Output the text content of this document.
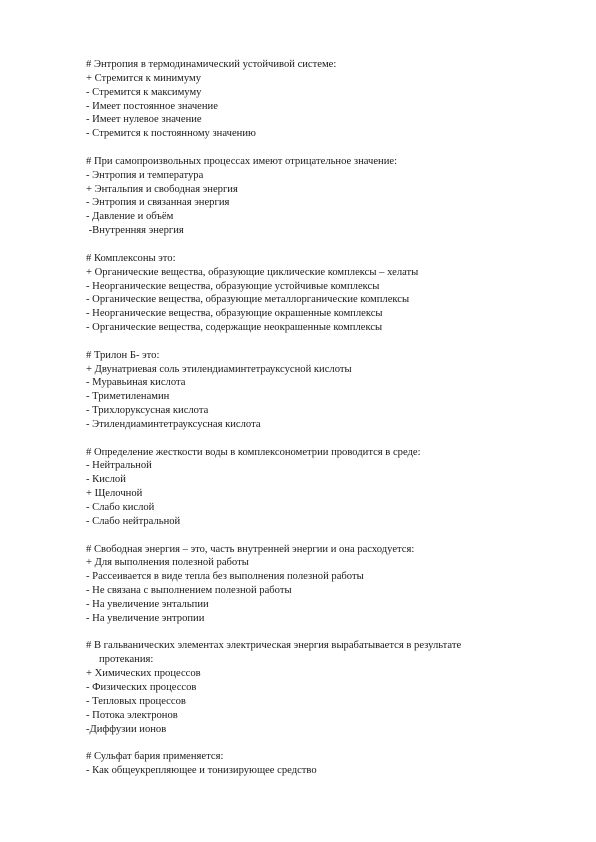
# Энтропия в термодинамический устойчивой системе:
+ Стремится к минимуму
- Стремится к максимуму
- Имеет постоянное значение
- Имеет нулевое значение
- Стремится к постоянному значению
# При самопроизвольных процессах имеют отрицательное значение:
- Энтропия и температура
+ Энтальпия и свободная энергия
- Энтропия и связанная энергия
- Давление и объём
-Внутренняя энергия
# Комплексоны это:
+ Органические вещества, образующие циклические комплексы – хелаты
- Неорганические вещества, образующие устойчивые комплексы
- Органические вещества, образующие металлорганические комплексы
- Неорганические вещества, образующие окрашенные комплексы
- Органические вещества, содержащие неокрашенные комплексы
# Трилон Б- это:
+ Двунатриевая соль этилендиаминтетрауксусной кислоты
- Муравьиная кислота
- Триметиленамин
- Трихлоруксусная кислота
- Этилендиаминтетрауксусная кислота
# Определение жесткости воды в комплексонометрии проводится в среде:
- Нейтральной
- Кислой
+ Щелочной
- Слабо кислой
- Слабо нейтральной
# Свободная энергия – это, часть внутренней энергии и она расходуется:
+ Для выполнения полезной работы
- Рассеивается в виде тепла без выполнения полезной работы
- Не связана с выполнением полезной работы
- На увеличение энтальпии
- На увеличение энтропии
# В гальванических элементах электрическая энергия вырабатывается в результате
протекания:
+ Химических процессов
- Физических процессов
- Тепловых процессов
- Потока электронов
-Диффузии ионов
# Сульфат бария применяется:
- Как общеукрепляющее и тонизирующее средство
